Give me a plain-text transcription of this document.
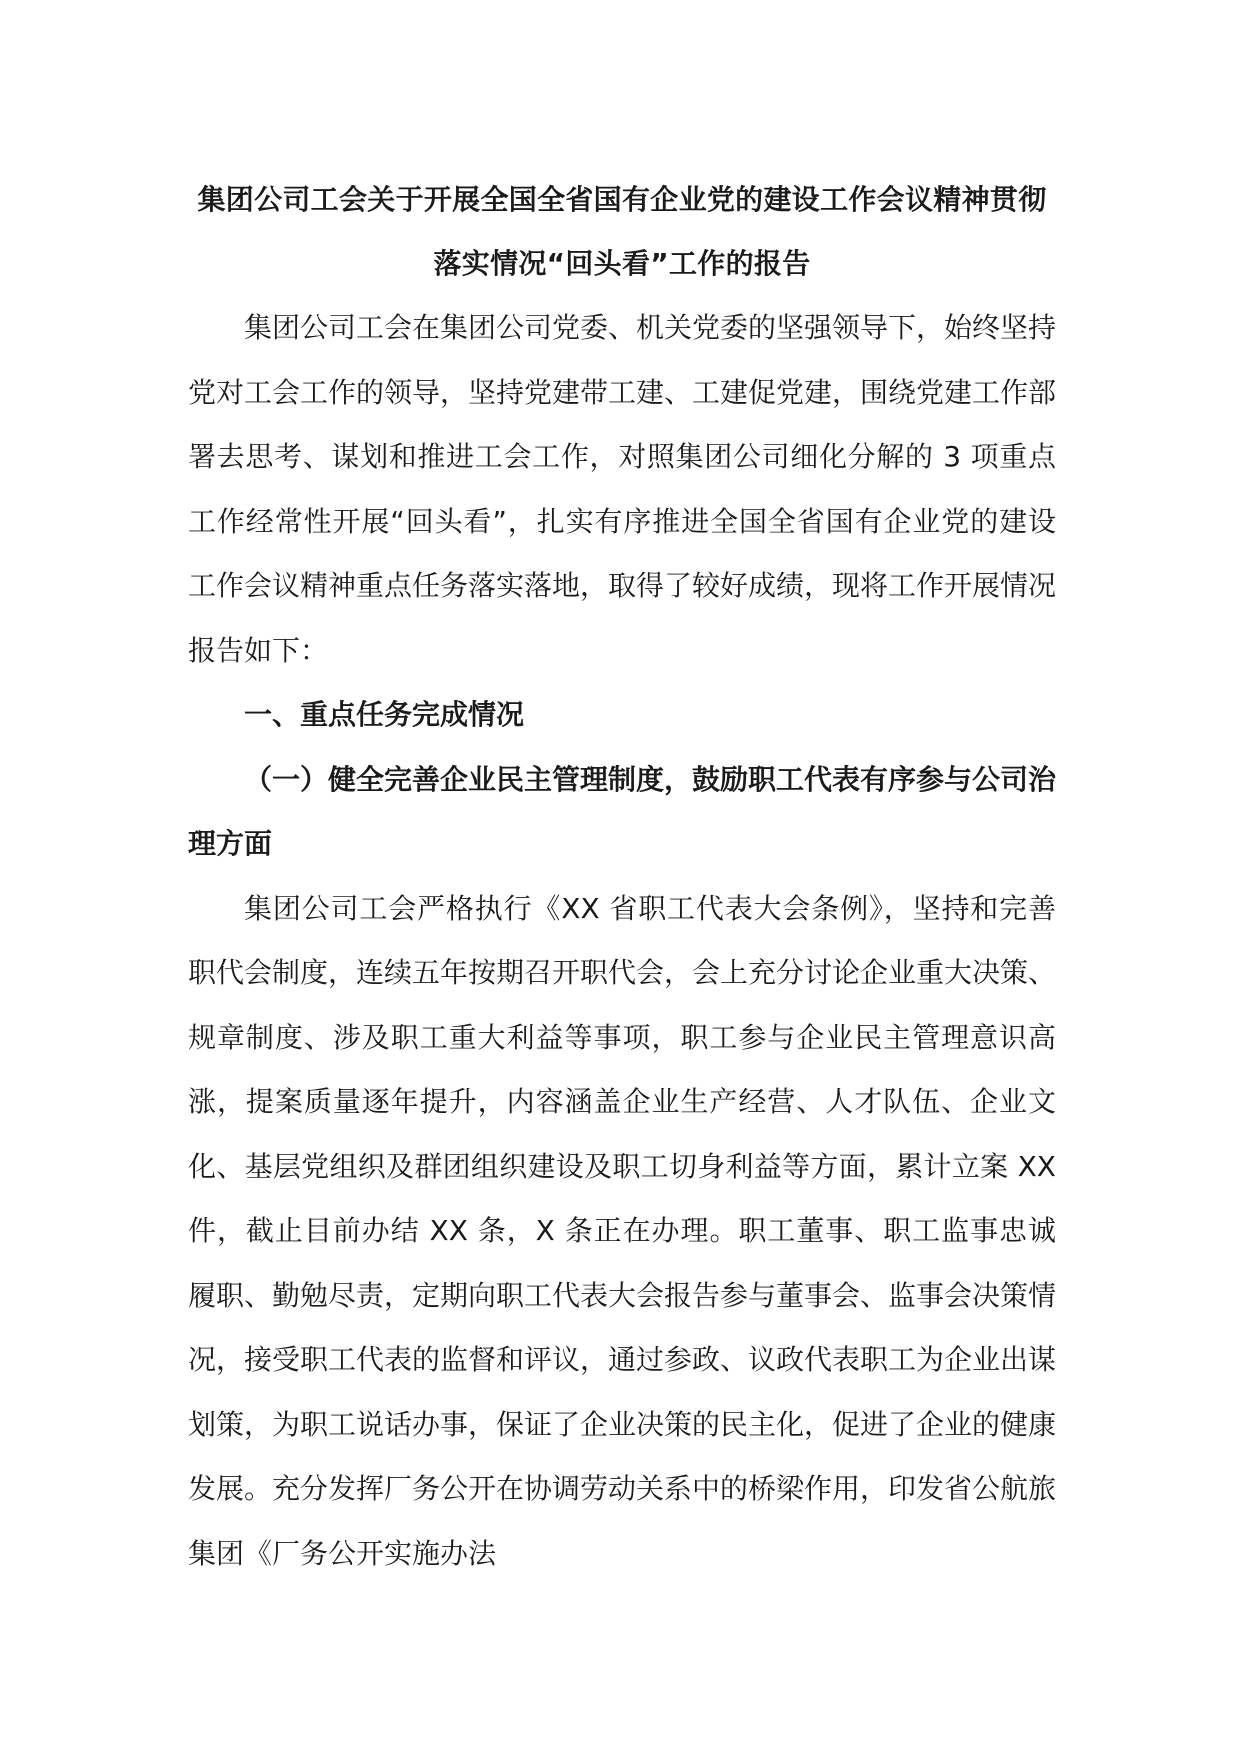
集团公司工会关于开展全国全省国有企业党的建设工作会议精神贯彻落实情况“回头看”工作的报告

集团公司工会在集团公司党委、机关党委的坚强领导下，始终坚持党对工会工作的领导，坚持党建带工建、工建促党建，围绕党建工作部署去思考、谋划和推进工会工作，对照集团公司细化分解的 3 项重点工作经常性开展“回头看”，扎实有序推进全国全省国有企业党的建设工作会议精神重点任务落实落地，取得了较好成绩，现将工作开展情况报告如下：

一、重点任务完成情况

（一）健全完善企业民主管理制度，鼓励职工代表有序参与公司治理方面

集团公司工会严格执行《XX 省职工代表大会条例》，坚持和完善职代会制度，连续五年按期召开职代会，会上充分讨论企业重大决策、规章制度、涉及职工重大利益等事项，职工参与企业民主管理意识高涨，提案质量逐年提升，内容涵盖企业生产经营、人才队伍、企业文化、基层党组织及群团组织建设及职工切身利益等方面，累计立案 XX 件，截止目前办结 XX 条，X 条正在办理。职工董事、职工监事忠诚履职、勤勉尽责，定期向职工代表大会报告参与董事会、监事会决策情况，接受职工代表的监督和评议，通过参政、议政代表职工为企业出谋划策，为职工说话办事，保证了企业决策的民主化，促进了企业的健康发展。充分发挥厂务公开在协调劳动关系中的桥梁作用，印发省公航旅集团《厂务公开实施办法
